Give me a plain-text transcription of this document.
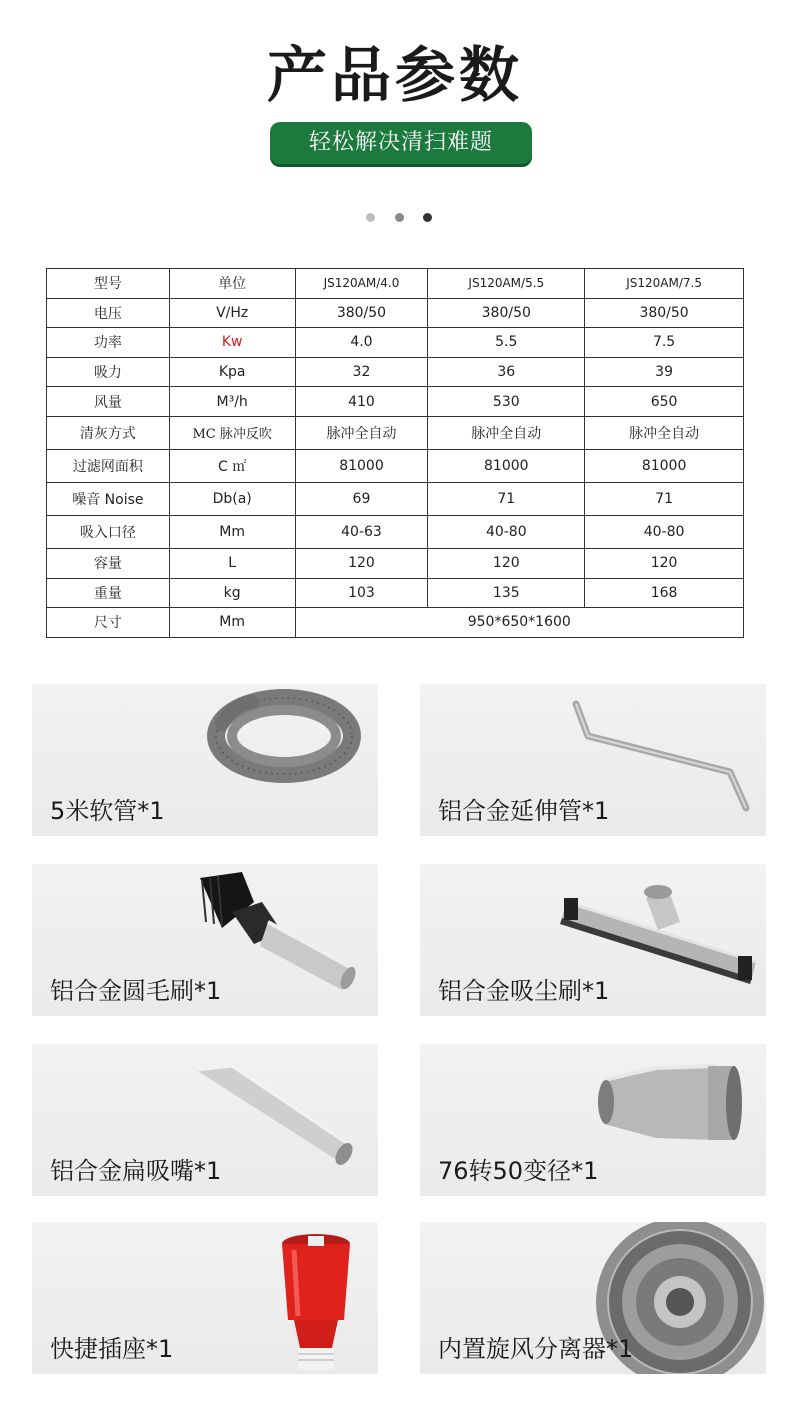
产品参数
轻松解决清扫难题
型号	单位	JS120AM/4.0	JS120AM/5.5	JS120AM/7.5
电压	V/Hz	380/50	380/50	380/50
功率	Kw	4.0	5.5	7.5
吸力	Kpa	32	36	39
风量	M³/h	410	530	650
清灰方式	MC 脉冲反吹	脉冲全自动	脉冲全自动	脉冲全自动
过滤网面积	C ㎡	81000	81000	81000
噪音 Noise	Db(a)	69	71	71
吸入口径	Mm	40-63	40-80	40-80
容量	L	120	120	120
重量	kg	103	135	168
尺寸	Mm	950*650*1600		
5米软管*1	铝合金延伸管*1
铝合金圆毛刷*1	铝合金吸尘刷*1
铝合金扁吸嘴*1	76转50变径*1
快捷插座*1	内置旋风分离器*1
